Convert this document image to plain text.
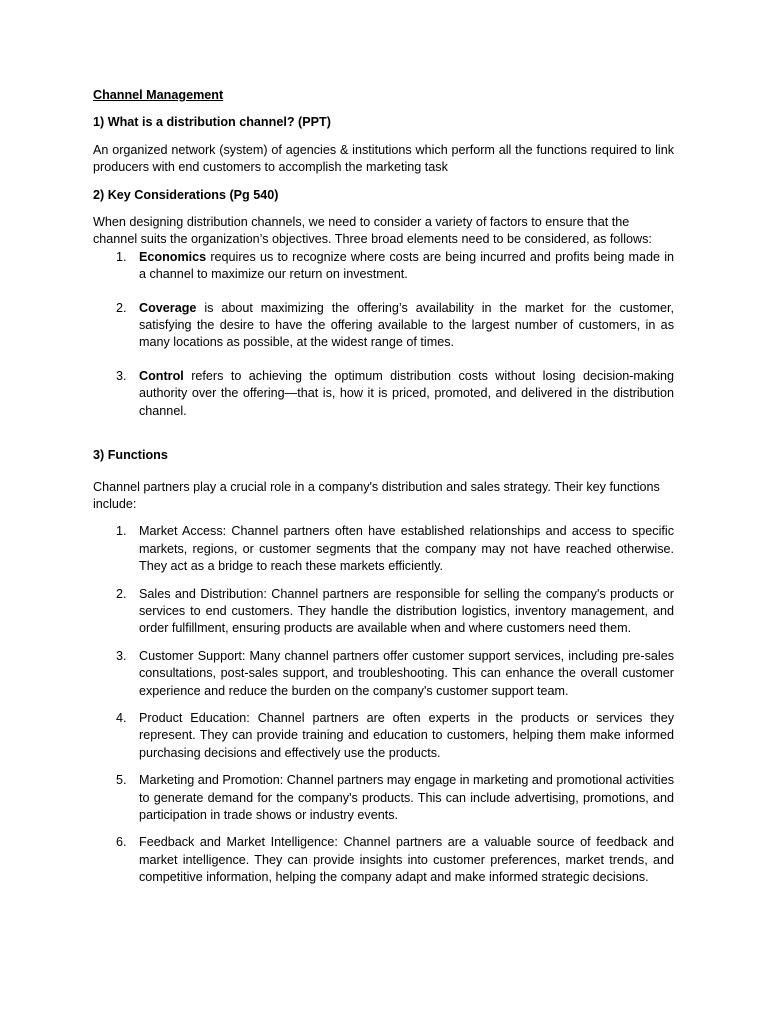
Channel Management

1) What is a distribution channel? (PPT)

An organized network (system) of agencies & institutions which perform all the functions required to link producers with end customers to accomplish the marketing task

2) Key Considerations (Pg 540)

When designing distribution channels, we need to consider a variety of factors to ensure that the channel suits the organization’s objectives. Three broad elements need to be considered, as follows:

1. Economics requires us to recognize where costs are being incurred and profits being made in a channel to maximize our return on investment.
2. Coverage is about maximizing the offering’s availability in the market for the customer, satisfying the desire to have the offering available to the largest number of customers, in as many locations as possible, at the widest range of times.
3. Control refers to achieving the optimum distribution costs without losing decision-making authority over the offering—that is, how it is priced, promoted, and delivered in the distribution channel.

3) Functions

Channel partners play a crucial role in a company's distribution and sales strategy. Their key functions include:

1. Market Access: Channel partners often have established relationships and access to specific markets, regions, or customer segments that the company may not have reached otherwise. They act as a bridge to reach these markets efficiently.
2. Sales and Distribution: Channel partners are responsible for selling the company's products or services to end customers. They handle the distribution logistics, inventory management, and order fulfillment, ensuring products are available when and where customers need them.
3. Customer Support: Many channel partners offer customer support services, including pre-sales consultations, post-sales support, and troubleshooting. This can enhance the overall customer experience and reduce the burden on the company's customer support team.
4. Product Education: Channel partners are often experts in the products or services they represent. They can provide training and education to customers, helping them make informed purchasing decisions and effectively use the products.
5. Marketing and Promotion: Channel partners may engage in marketing and promotional activities to generate demand for the company's products. This can include advertising, promotions, and participation in trade shows or industry events.
6. Feedback and Market Intelligence: Channel partners are a valuable source of feedback and market intelligence. They can provide insights into customer preferences, market trends, and competitive information, helping the company adapt and make informed strategic decisions.
